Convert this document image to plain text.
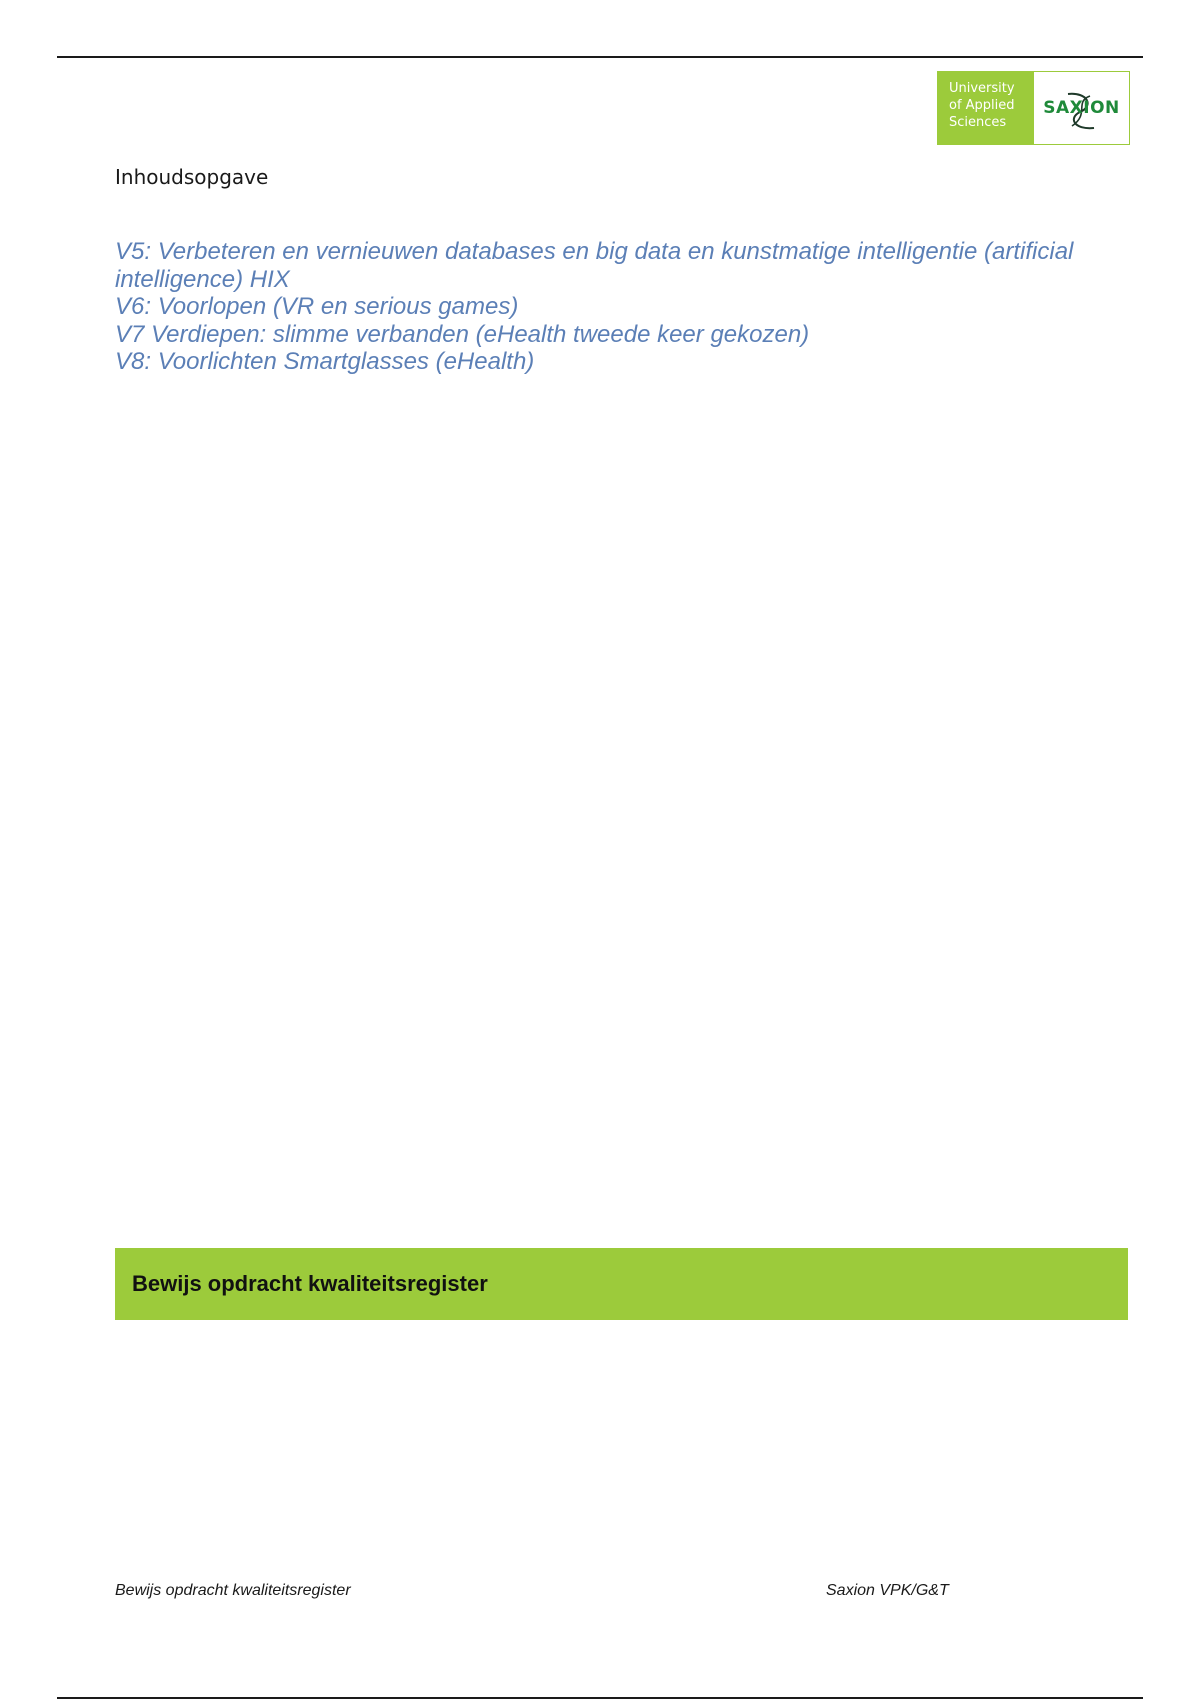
University
of Applied
Sciences
SAXION
Inhoudsopgave
V5: Verbeteren en vernieuwen databases en big data en kunstmatige intelligentie (artificial
intelligence) HIX
V6: Voorlopen (VR en serious games)
V7 Verdiepen: slimme verbanden (eHealth tweede keer gekozen)
V8: Voorlichten Smartglasses (eHealth)
Bewijs opdracht kwaliteitsregister
Bewijs opdracht kwaliteitsregister	Saxion VPK/G&T
